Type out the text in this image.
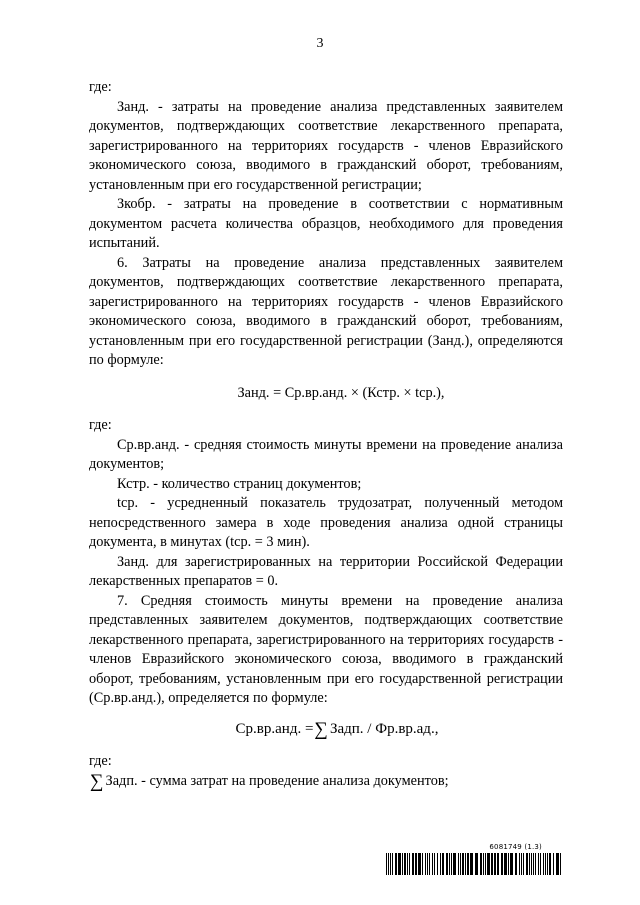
3

где:

Занд. - затраты на проведение анализа представленных заявителем документов, подтверждающих соответствие лекарственного препарата, зарегистрированного на территориях государств - членов Евразийского экономического союза, вводимого в гражданский оборот, требованиям, установленным при его государственной регистрации;

Зкобр. - затраты на проведение в соответствии с нормативным документом расчета количества образцов, необходимого для проведения испытаний.

6. Затраты на проведение анализа представленных заявителем документов, подтверждающих соответствие лекарственного препарата, зарегистрированного на территориях государств - членов Евразийского экономического союза, вводимого в гражданский оборот, требованиям, установленным при его государственной регистрации (Занд.), определяются по формуле:

Занд. = Ср.вр.анд. × (Кстр. × tср.),

где:

Ср.вр.анд. - средняя стоимость минуты времени на проведение анализа документов;

Кстр. - количество страниц документов;

tср. - усредненный показатель трудозатрат, полученный методом непосредственного замера в ходе проведения анализа одной страницы документа, в минутах (tср. = 3 мин).

Занд. для зарегистрированных на территории Российской Федерации лекарственных препаратов = 0.

7. Средняя стоимость минуты времени на проведение анализа представленных заявителем документов, подтверждающих соответствие лекарственного препарата, зарегистрированного на территориях государств - членов Евразийского экономического союза, вводимого в гражданский оборот, требованиям, установленным при его государственной регистрации (Ср.вр.анд.), определяется по формуле:

Ср.вр.анд. =∑ Задп. / Фр.вр.ад.,

где:

∑ Задп. - сумма затрат на проведение анализа документов;

6081749 (1.3)
